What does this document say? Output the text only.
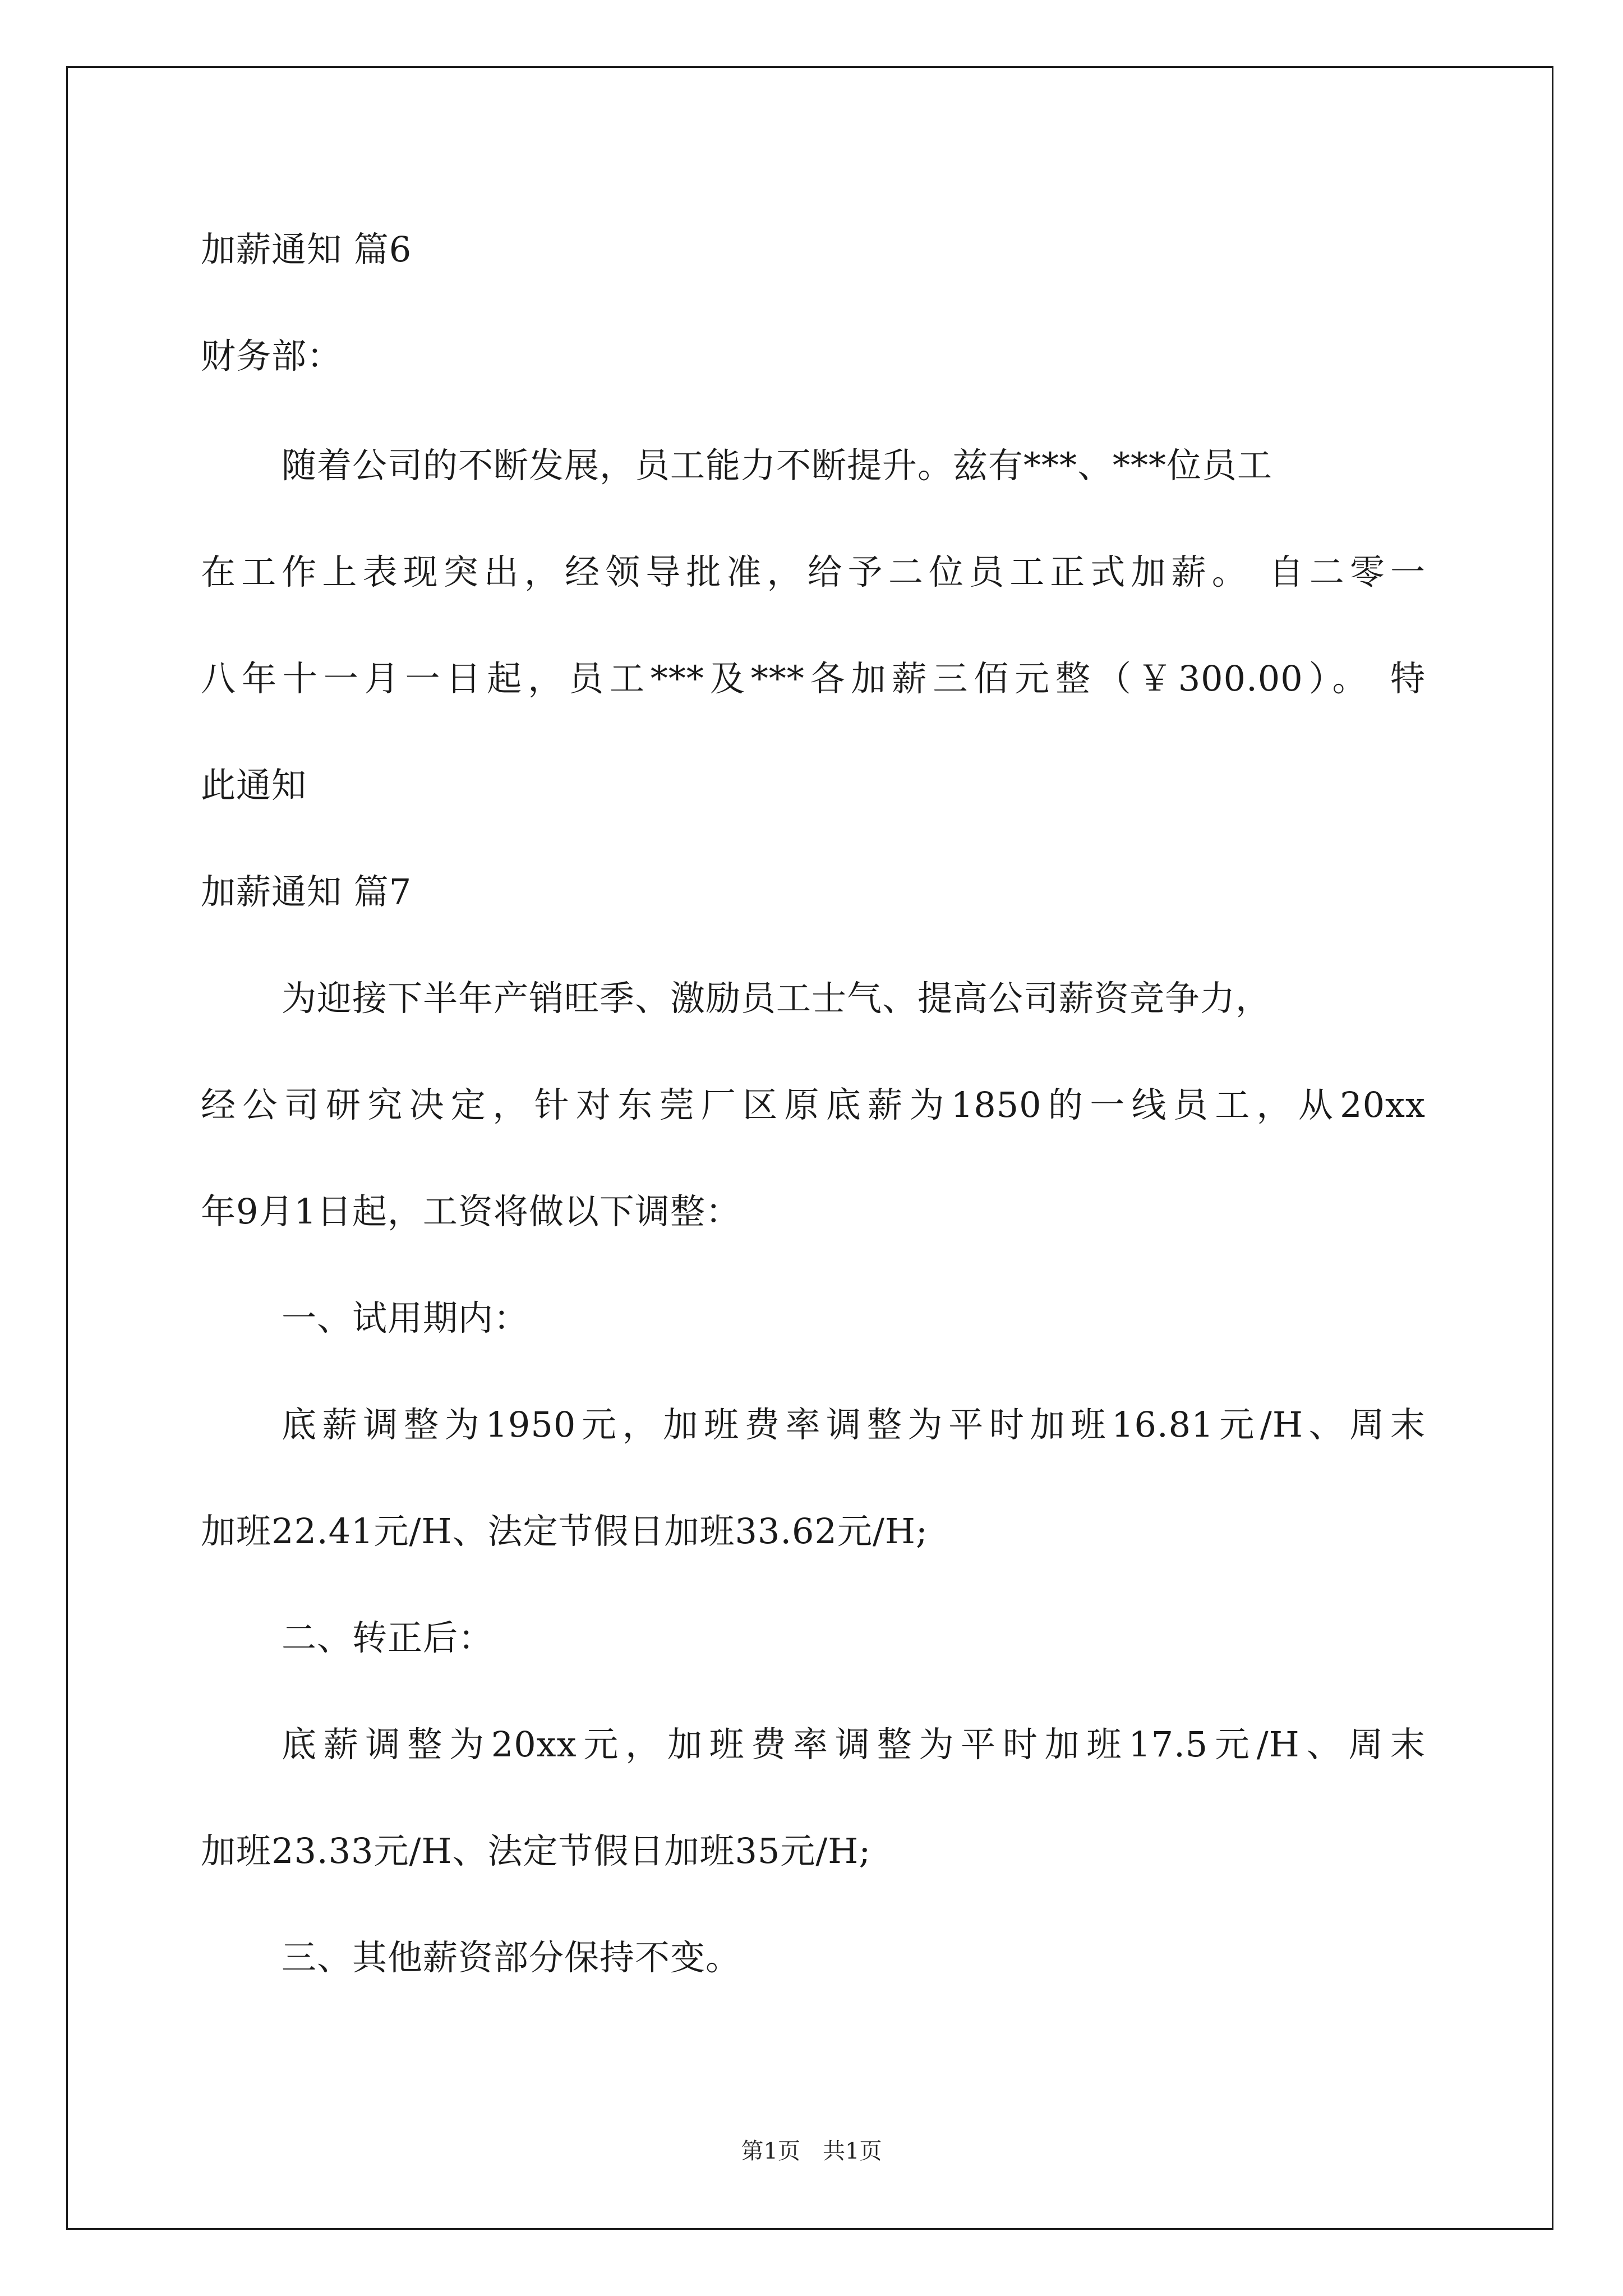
加薪通知 篇6
财务部：
随着公司的不断发展，员工能力不断提升。兹有***、***位员工
在工作上表现突出，经领导批准，给予二位员工正式加薪。 自二零一
八年十一月一日起，员工***及***各加薪三佰元整（￥300.00）。 特
此通知
加薪通知 篇7
为迎接下半年产销旺季、激励员工士气、提高公司薪资竞争力，
经公司研究决定，针对东莞厂区原底薪为1850的一线员工，从20xx
年9月1日起，工资将做以下调整：
一、试用期内：
底薪调整为1950元，加班费率调整为平时加班16.81元/H、周末
加班22.41元/H、法定节假日加班33.62元/H;
二、转正后：
底薪调整为20xx元，加班费率调整为平时加班17.5元/H、周末
加班23.33元/H、法定节假日加班35元/H;
三、其他薪资部分保持不变。
第1页　共1页
